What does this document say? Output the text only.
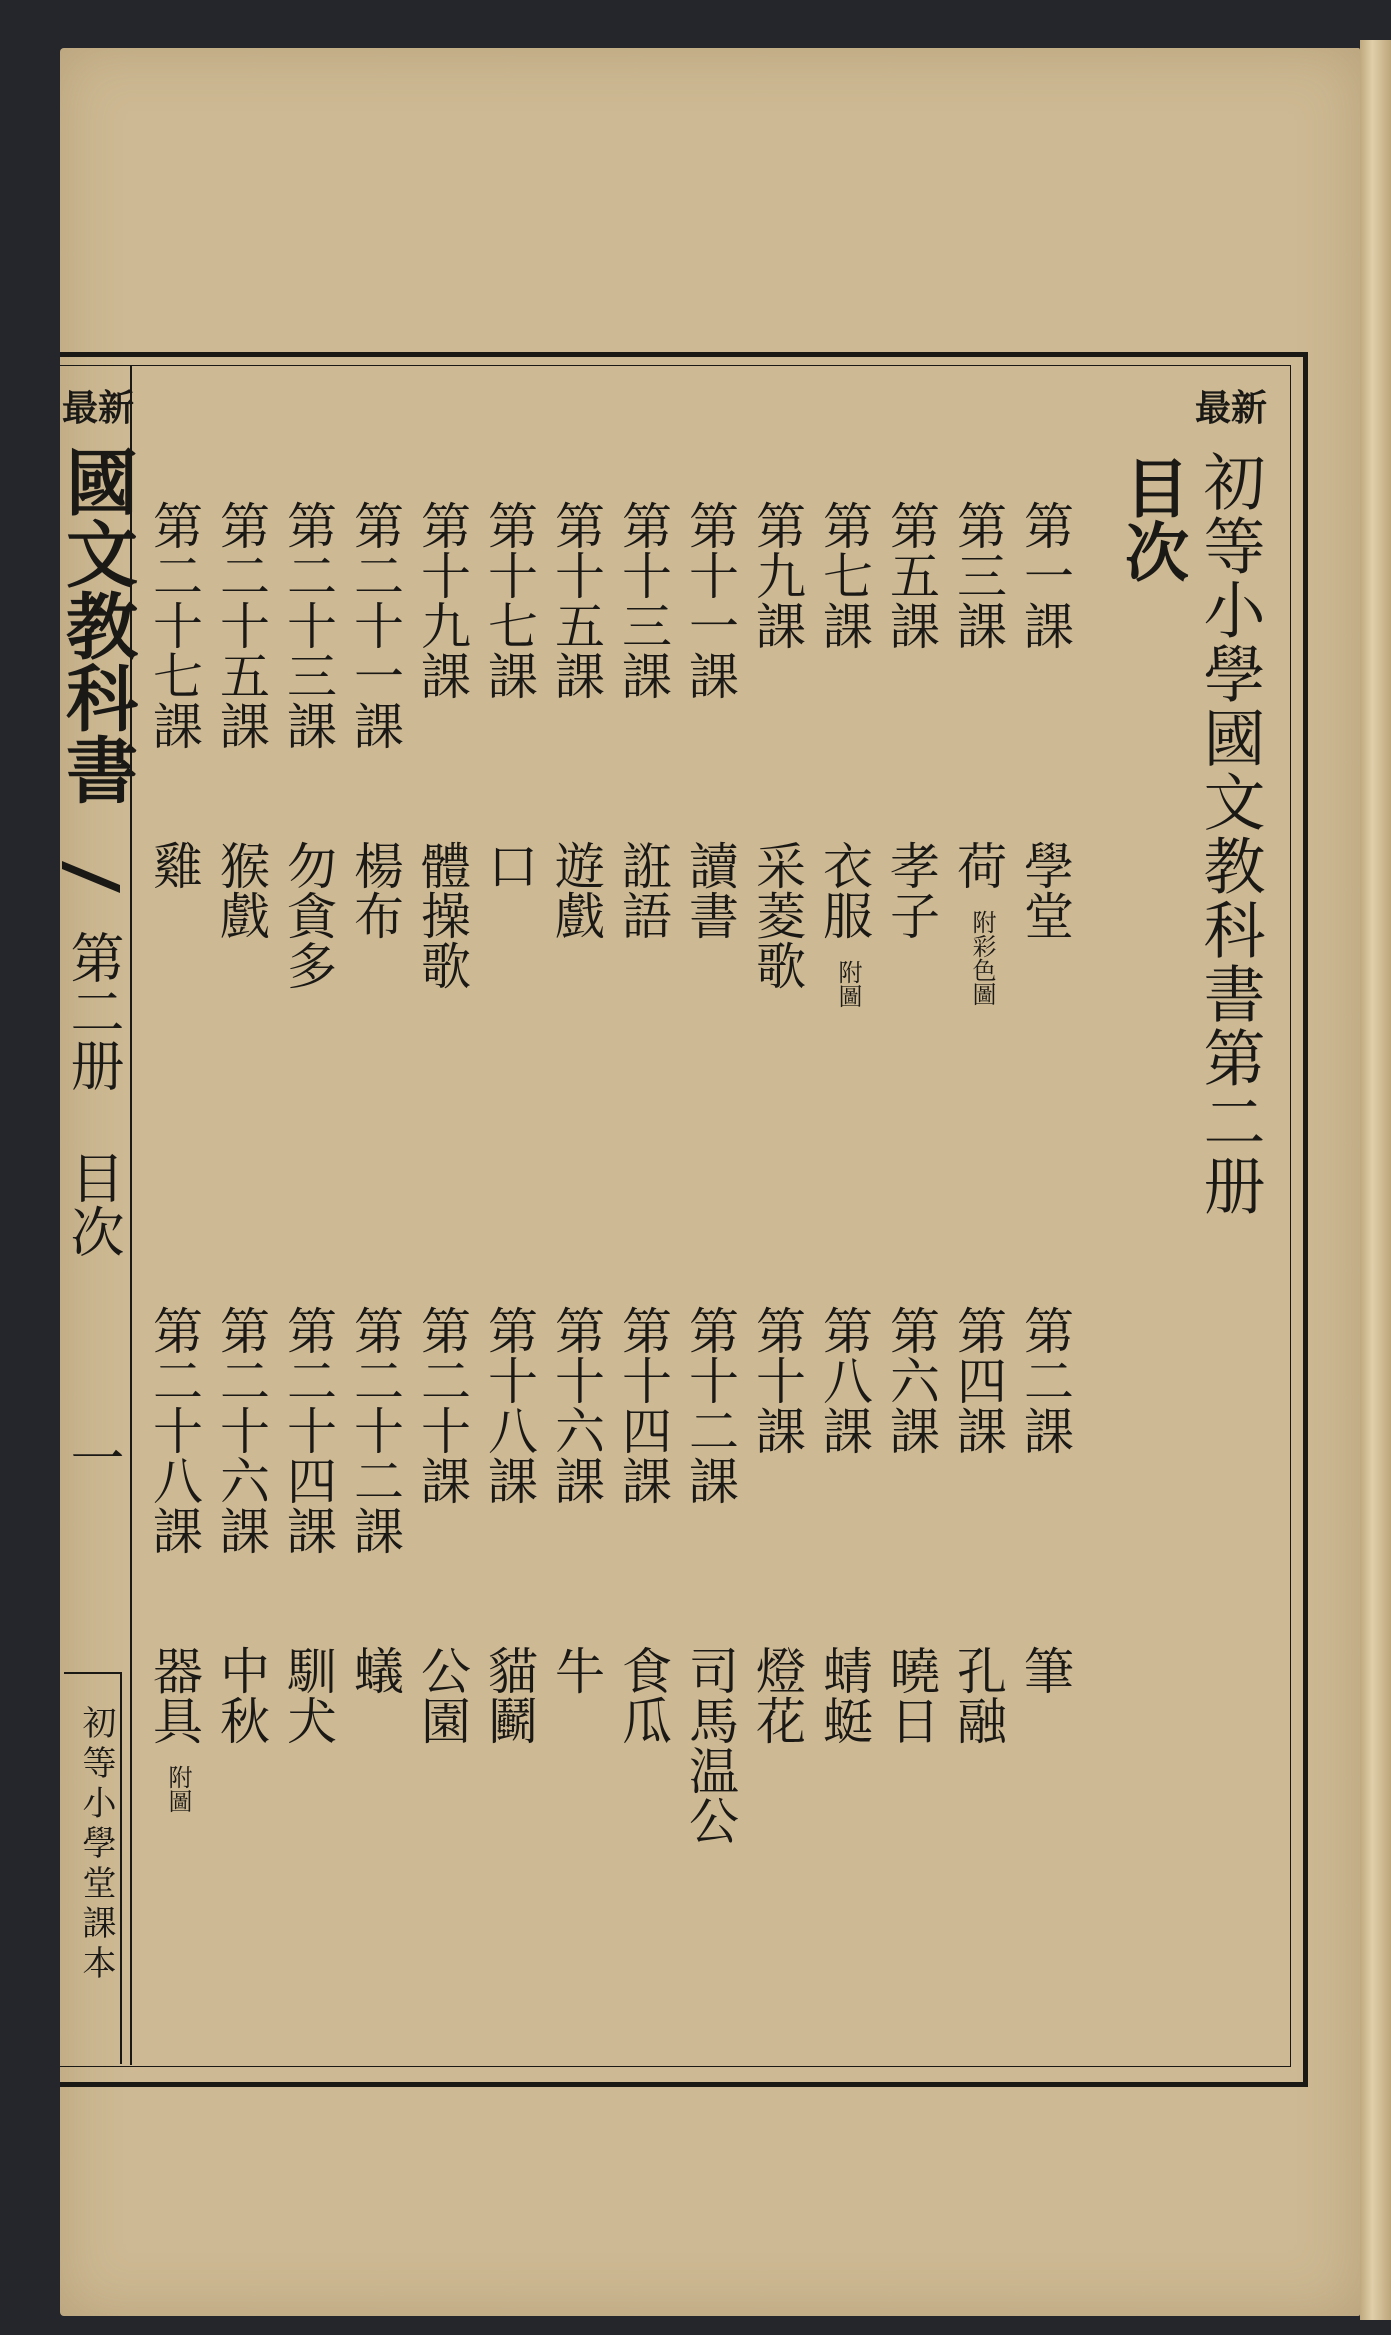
最新
初等小學國文教科書第二册
目次
最新
國文教科書
第二册
目次
一
初等小學堂課本
第一課
學堂
第三課
荷
附彩色圖
第五課
孝子
第七課
衣服
附圖
第九課
采菱歌
第十一課
讀書
第十三課
誑語
第十五課
遊戲
第十七課
口
第十九課
體操歌
第二十一課
楊布
第二十三課
勿貪多
第二十五課
猴戲
第二十七課
雞
第二課
筆
第四課
孔融
第六課
曉日
第八課
蜻蜓
第十課
燈花
第十二課
司馬温公
第十四課
食瓜
第十六課
牛
第十八課
貓鬬
第二十課
公園
第二十二課
蟻
第二十四課
馴犬
第二十六課
中秋
第二十八課
器具
附圖
